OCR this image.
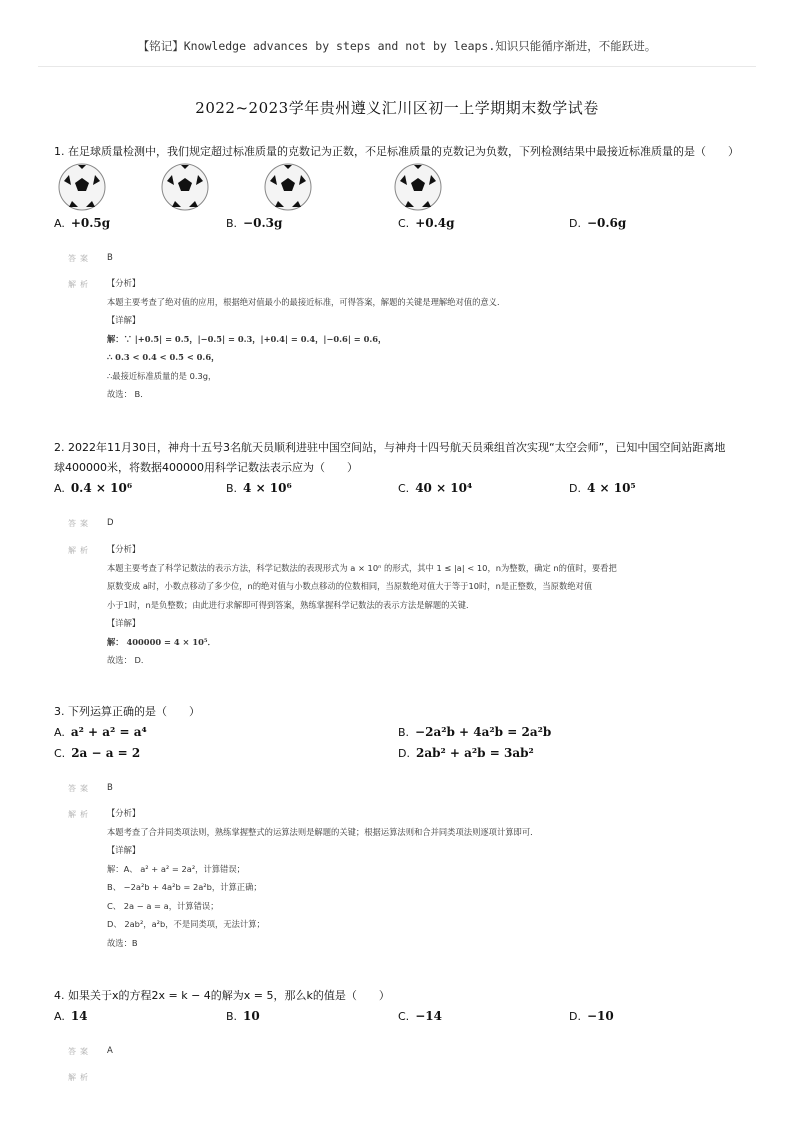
【铭记】Knowledge advances by steps and not by leaps.知识只能循序渐进，不能跃进。
2022~2023学年贵州遵义汇川区初一上学期期末数学试卷
1. 在足球质量检测中，我们规定超过标准质量的克数记为正数，不足标准质量的克数记为负数，下列检测结果中最接近标准质量的是（　　）
A. +0.5g	B. −0.3g	C. +0.4g	D. −0.6g
答案 B
解析 【分析】
本题主要考查了绝对值的应用，根据绝对值最小的最接近标准，可得答案，解题的关键是理解绝对值的意义．
【详解】
解：∵ |+0.5| = 0.5，|−0.5| = 0.3，|+0.4| = 0.4，|−0.6| = 0.6，
∴ 0.3 < 0.4 < 0.5 < 0.6，
∴最接近标准质量的是 0.3g，
故选： B．
2. 2022年11月30日，神舟十五号3名航天员顺利进驻中国空间站，与神舟十四号航天员乘组首次实现“太空会师”，已知中国空间站距离地
球400000米，将数据400000用科学记数法表示应为（　　）
A. 0.4 × 10⁶	B. 4 × 10⁶	C. 40 × 10⁴	D. 4 × 10⁵
答案 D
解析 【分析】
本题主要考查了科学记数法的表示方法，科学记数法的表现形式为 a × 10ⁿ 的形式，其中 1 ≤ |a| < 10，n为整数，确定 n的值时，要看把
原数变成 a时，小数点移动了多少位，n的绝对值与小数点移动的位数相同，当原数绝对值大于等于10时，n是正整数，当原数绝对值
小于1时，n是负整数；由此进行求解即可得到答案，熟练掌握科学记数法的表示方法是解题的关键．
【详解】
解： 400000 = 4 × 10⁵．
故选： D．
3. 下列运算正确的是（　　）
A. a² + a² = a⁴	B. −2a²b + 4a²b = 2a²b
C. 2a − a = 2	D. 2ab² + a²b = 3ab²
答案 B
解析 【分析】
本题考查了合并同类项法则，熟练掌握整式的运算法则是解题的关键；根据运算法则和合并同类项法则逐项计算即可．
【详解】
解：A、 a² + a² = 2a²，计算错误；
B、 −2a²b + 4a²b = 2a²b，计算正确；
C、 2a − a = a，计算错误；
D、 2ab²，a²b，不是同类项，无法计算；
故选：B
4. 如果关于x的方程2x = k − 4的解为x = 5，那么k的值是（　　）
A. 14	B. 10	C. −14	D. −10
答案 A
解析
